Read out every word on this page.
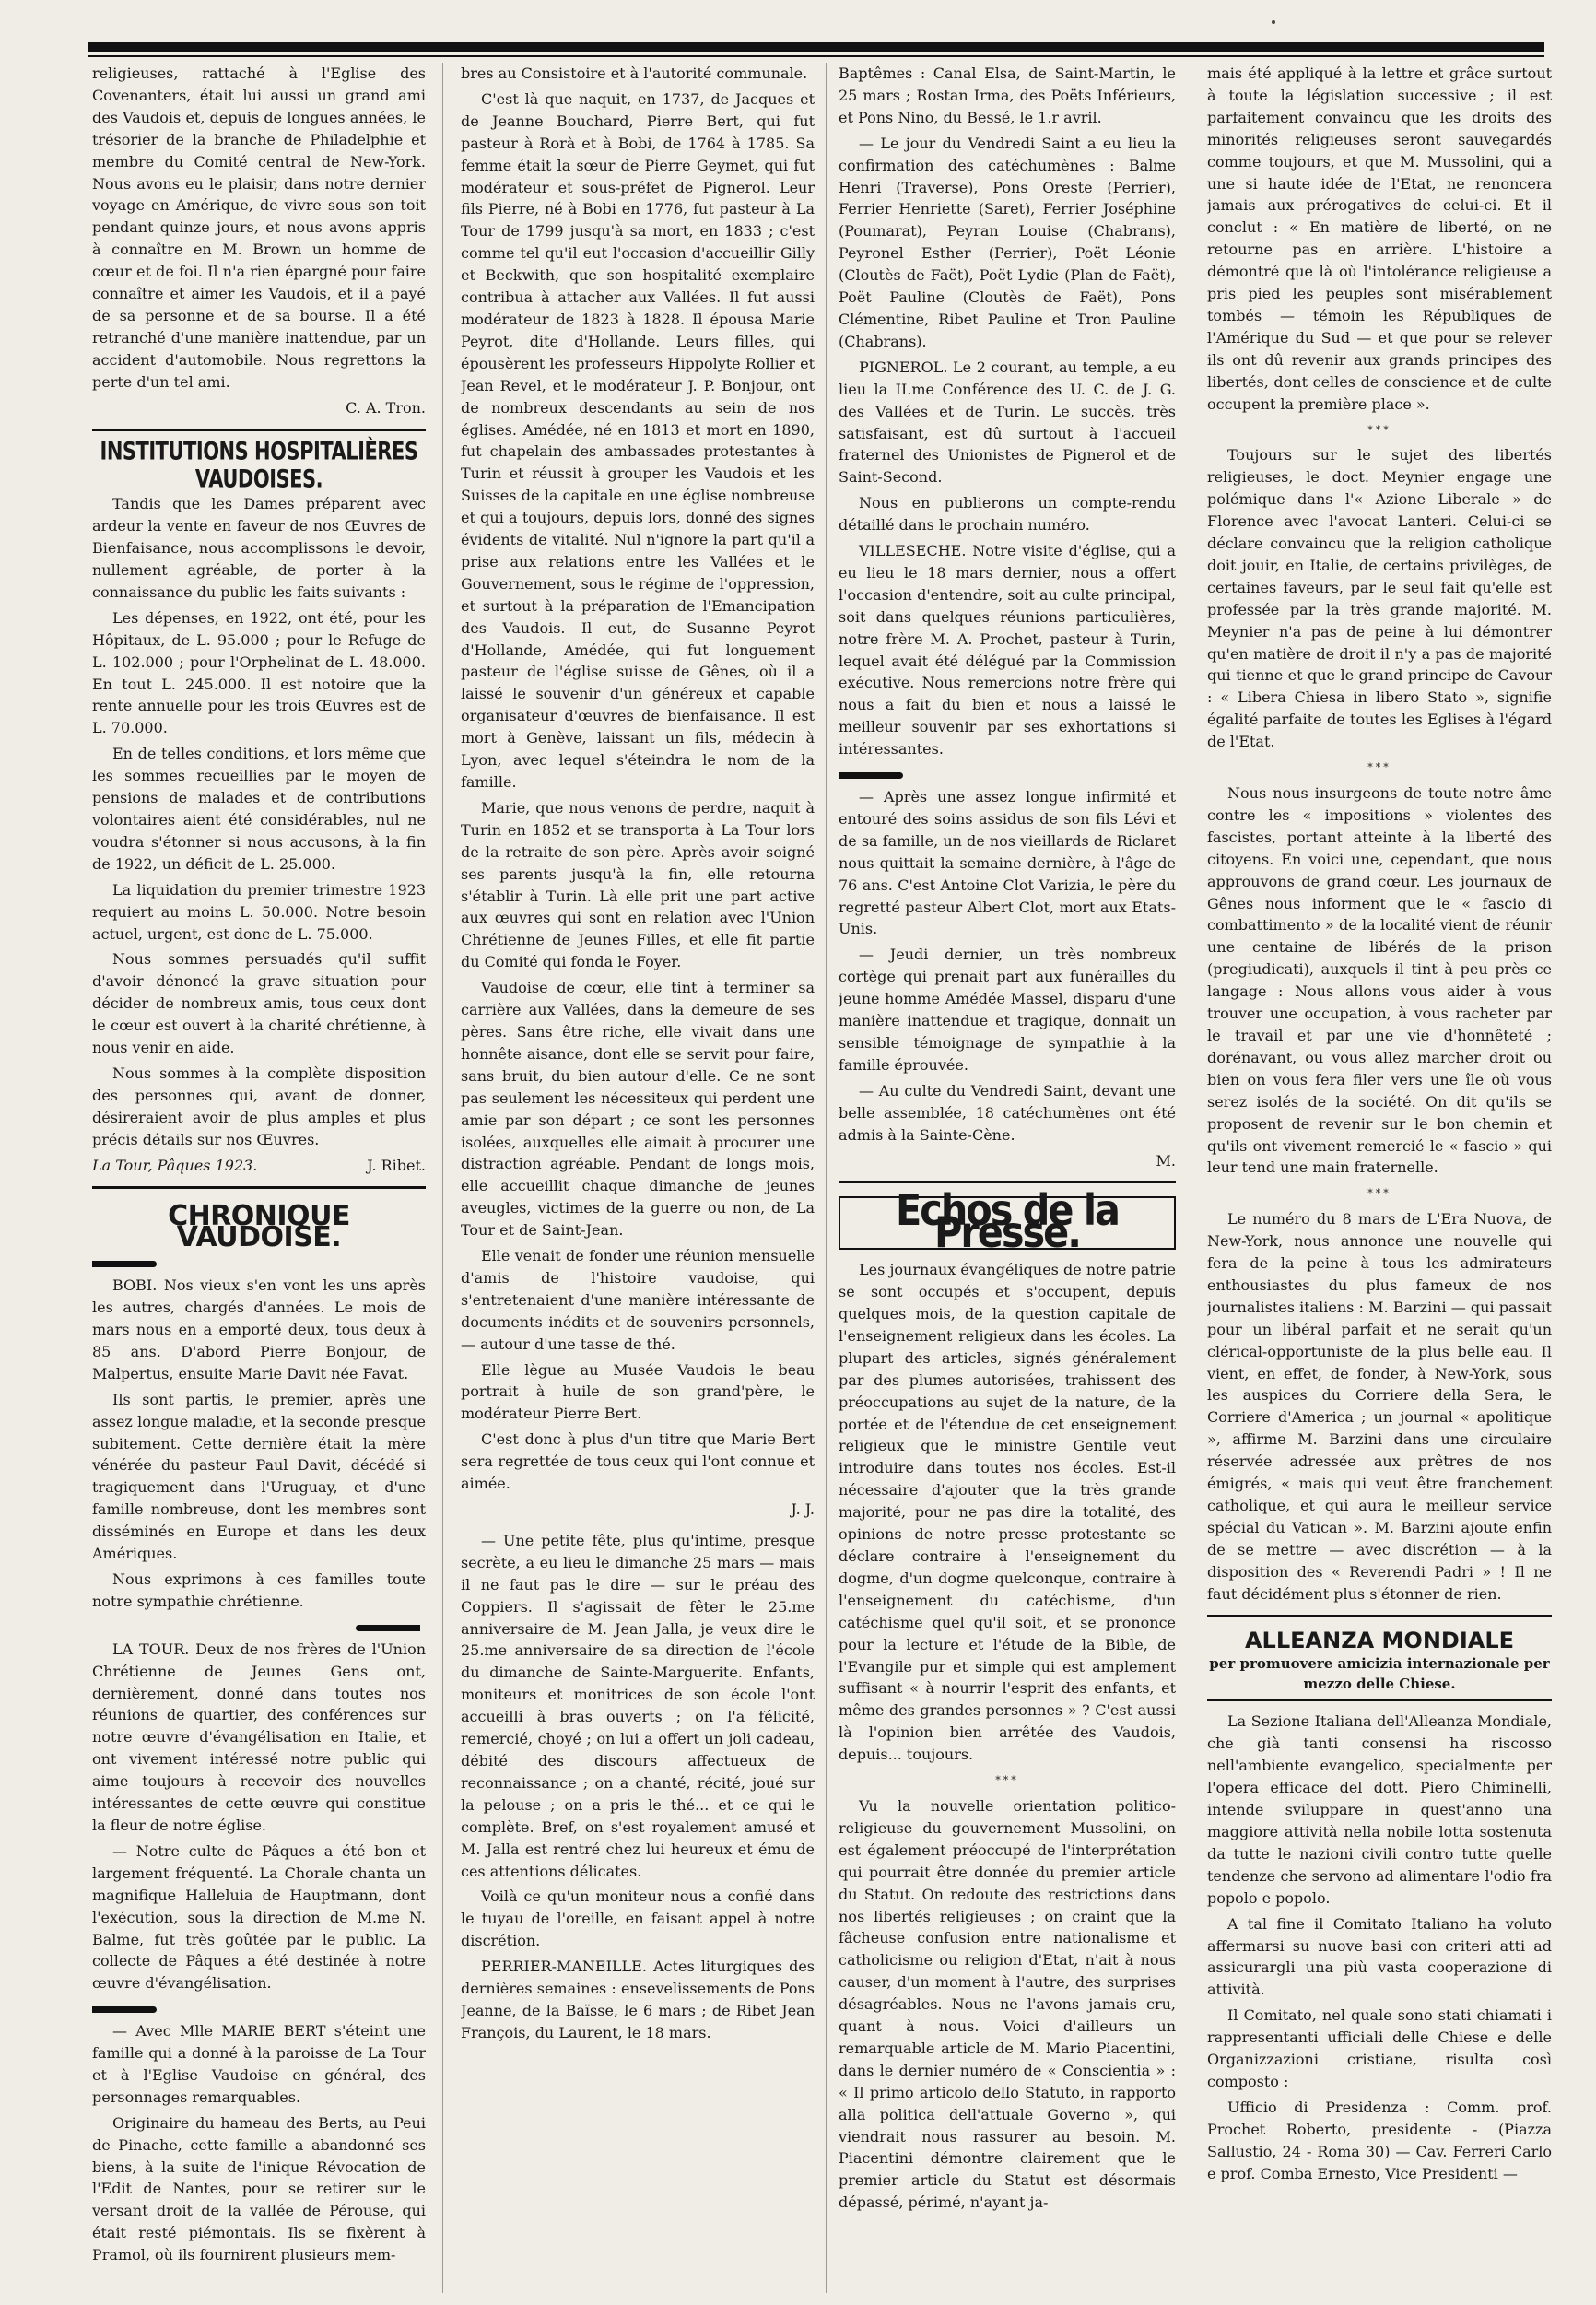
religieuses, rattaché à l'Eglise des Covenanters, était lui aussi un grand ami des Vaudois et, depuis de longues années, le trésorier de la branche de Philadelphie et membre du Comité central de New-York. Nous avons eu le plaisir, dans notre dernier voyage en Amérique, de vivre sous son toit pendant quinze jours, et nous avons appris à connaître en M. Brown un homme de cœur et de foi. Il n'a rien épargné pour faire connaître et aimer les Vaudois, et il a payé de sa personne et de sa bourse. Il a été retranché d'une manière inattendue, par un accident d'automobile. Nous regrettons la perte d'un tel ami.

C. A. Tron.
INSTITUTIONS HOSPITALIÈRES VAUDOISES.

Tandis que les Dames préparent avec ardeur la vente en faveur de nos Œuvres de Bienfaisance, nous accomplissons le devoir, nullement agréable, de porter à la connaissance du public les faits suivants :

Les dépenses, en 1922, ont été, pour les Hôpitaux, de L. 95.000 ; pour le Refuge de L. 102.000 ; pour l'Orphelinat de L. 48.000. En tout L. 245.000. Il est notoire que la rente annuelle pour les trois Œuvres est de L. 70.000.

En de telles conditions, et lors même que les sommes recueillies par le moyen de pensions de malades et de contributions volontaires aient été considérables, nul ne voudra s'étonner si nous accusons, à la fin de 1922, un déficit de L. 25.000.

La liquidation du premier trimestre 1923 requiert au moins L. 50.000. Notre besoin actuel, urgent, est donc de L. 75.000.

Nous sommes persuadés qu'il suffit d'avoir dénoncé la grave situation pour décider de nombreux amis, tous ceux dont le cœur est ouvert à la charité chrétienne, à nous venir en aide.

Nous sommes à la complète disposition des personnes qui, avant de donner, désireraient avoir de plus amples et plus précis détails sur nos Œuvres.

La Tour, Pâques 1923.	J. Ribet.
CHRONIQUE VAUDOISE.

BOBI. Nos vieux s'en vont les uns après les autres, chargés d'années. Le mois de mars nous en a emporté deux, tous deux à 85 ans. D'abord Pierre Bonjour, de Malpertus, ensuite Marie Davit née Favat.

Ils sont partis, le premier, après une assez longue maladie, et la seconde presque subitement. Cette dernière était la mère vénérée du pasteur Paul Davit, décédé si tragiquement dans l'Uruguay, et d'une famille nombreuse, dont les membres sont disséminés en Europe et dans les deux Amériques.

Nous exprimons à ces familles toute notre sympathie chrétienne.

LA TOUR. Deux de nos frères de l'Union Chrétienne de Jeunes Gens ont, dernièrement, donné dans toutes nos réunions de quartier, des conférences sur notre œuvre d'évangélisation en Italie, et ont vivement intéressé notre public qui aime toujours à recevoir des nouvelles intéressantes de cette œuvre qui constitue la fleur de notre église.

— Notre culte de Pâques a été bon et largement fréquenté. La Chorale chanta un magnifique Halleluia de Hauptmann, dont l'exécution, sous la direction de M.me N. Balme, fut très goûtée par le public. La collecte de Pâques a été destinée à notre œuvre d'évangélisation.

— Avec Mlle MARIE BERT s'éteint une famille qui a donné à la paroisse de La Tour et à l'Eglise Vaudoise en général, des personnages remarquables.

Originaire du hameau des Berts, au Peui de Pinache, cette famille a abandonné ses biens, à la suite de l'inique Révocation de l'Edit de Nantes, pour se retirer sur le versant droit de la vallée de Pérouse, qui était resté piémontais. Ils se fixèrent à Pramol, où ils fournirent plusieurs mem-

bres au Consistoire et à l'autorité communale.

C'est là que naquit, en 1737, de Jacques et de Jeanne Bouchard, Pierre Bert, qui fut pasteur à Rorà et à Bobi, de 1764 à 1785. Sa femme était la sœur de Pierre Geymet, qui fut modérateur et sous-préfet de Pignerol. Leur fils Pierre, né à Bobi en 1776, fut pasteur à La Tour de 1799 jusqu'à sa mort, en 1833 ; c'est comme tel qu'il eut l'occasion d'accueillir Gilly et Beckwith, que son hospitalité exemplaire contribua à attacher aux Vallées. Il fut aussi modérateur de 1823 à 1828. Il épousa Marie Peyrot, dite d'Hollande. Leurs filles, qui épousèrent les professeurs Hippolyte Rollier et Jean Revel, et le modérateur J. P. Bonjour, ont de nombreux descendants au sein de nos églises. Amédée, né en 1813 et mort en 1890, fut chapelain des ambassades protestantes à Turin et réussit à grouper les Vaudois et les Suisses de la capitale en une église nombreuse et qui a toujours, depuis lors, donné des signes évidents de vitalité. Nul n'ignore la part qu'il a prise aux relations entre les Vallées et le Gouvernement, sous le régime de l'oppression, et surtout à la préparation de l'Emancipation des Vaudois. Il eut, de Susanne Peyrot d'Hollande, Amédée, qui fut longuement pasteur de l'église suisse de Gênes, où il a laissé le souvenir d'un généreux et capable organisateur d'œuvres de bienfaisance. Il est mort à Genève, laissant un fils, médecin à Lyon, avec lequel s'éteindra le nom de la famille.

Marie, que nous venons de perdre, naquit à Turin en 1852 et se transporta à La Tour lors de la retraite de son père. Après avoir soigné ses parents jusqu'à la fin, elle retourna s'établir à Turin. Là elle prit une part active aux œuvres qui sont en relation avec l'Union Chrétienne de Jeunes Filles, et elle fit partie du Comité qui fonda le Foyer.

Vaudoise de cœur, elle tint à terminer sa carrière aux Vallées, dans la demeure de ses pères. Sans être riche, elle vivait dans une honnête aisance, dont elle se servit pour faire, sans bruit, du bien autour d'elle. Ce ne sont pas seulement les nécessiteux qui perdent une amie par son départ ; ce sont les personnes isolées, auxquelles elle aimait à procurer une distraction agréable. Pendant de longs mois, elle accueillit chaque dimanche de jeunes aveugles, victimes de la guerre ou non, de La Tour et de Saint-Jean.

Elle venait de fonder une réunion mensuelle d'amis de l'histoire vaudoise, qui s'entretenaient d'une manière intéressante de documents inédits et de souvenirs personnels, — autour d'une tasse de thé.

Elle lègue au Musée Vaudois le beau portrait à huile de son grand'père, le modérateur Pierre Bert.

C'est donc à plus d'un titre que Marie Bert sera regrettée de tous ceux qui l'ont connue et aimée.

J. J.

— Une petite fête, plus qu'intime, presque secrète, a eu lieu le dimanche 25 mars — mais il ne faut pas le dire — sur le préau des Coppiers. Il s'agissait de fêter le 25.me anniversaire de M. Jean Jalla, je veux dire le 25.me anniversaire de sa direction de l'école du dimanche de Sainte-Marguerite. Enfants, moniteurs et monitrices de son école l'ont accueilli à bras ouverts ; on l'a félicité, remercié, choyé ; on lui a offert un joli cadeau, débité des discours affectueux de reconnaissance ; on a chanté, récité, joué sur la pelouse ; on a pris le thé... et ce qui le complète. Bref, on s'est royalement amusé et M. Jalla est rentré chez lui heureux et ému de ces attentions délicates.

Voilà ce qu'un moniteur nous a confié dans le tuyau de l'oreille, en faisant appel à notre discrétion.

PERRIER-MANEILLE. Actes liturgiques des dernières semaines : ensevelissements de Pons Jeanne, de la Baïsse, le 6 mars ; de Ribet Jean François, du Laurent, le 18 mars.

Baptêmes : Canal Elsa, de Saint-Martin, le 25 mars ; Rostan Irma, des Poëts Inférieurs, et Pons Nino, du Bessé, le 1.r avril.

— Le jour du Vendredi Saint a eu lieu la confirmation des catéchumènes : Balme Henri (Traverse), Pons Oreste (Perrier), Ferrier Henriette (Saret), Ferrier Joséphine (Poumarat), Peyran Louise (Chabrans), Peyronel Esther (Perrier), Poët Léonie (Cloutès de Faët), Poët Lydie (Plan de Faët), Poët Pauline (Cloutès de Faët), Pons Clémentine, Ribet Pauline et Tron Pauline (Chabrans).

PIGNEROL. Le 2 courant, au temple, a eu lieu la II.me Conférence des U. C. de J. G. des Vallées et de Turin. Le succès, très satisfaisant, est dû surtout à l'accueil fraternel des Unionistes de Pignerol et de Saint-Second.

Nous en publierons un compte-rendu détaillé dans le prochain numéro.

VILLESECHE. Notre visite d'église, qui a eu lieu le 18 mars dernier, nous a offert l'occasion d'entendre, soit au culte principal, soit dans quelques réunions particulières, notre frère M. A. Prochet, pasteur à Turin, lequel avait été délégué par la Commission exécutive. Nous remercions notre frère qui nous a fait du bien et nous a laissé le meilleur souvenir par ses exhortations si intéressantes.

— Après une assez longue infirmité et entouré des soins assidus de son fils Lévi et de sa famille, un de nos vieillards de Riclaret nous quittait la semaine dernière, à l'âge de 76 ans. C'est Antoine Clot Varizia, le père du regretté pasteur Albert Clot, mort aux Etats-Unis.

— Jeudi dernier, un très nombreux cortège qui prenait part aux funérailles du jeune homme Amédée Massel, disparu d'une manière inattendue et tragique, donnait un sensible témoignage de sympathie à la famille éprouvée.

— Au culte du Vendredi Saint, devant une belle assemblée, 18 catéchumènes ont été admis à la Sainte-Cène.

M.
Echos de la Presse.

Les journaux évangéliques de notre patrie se sont occupés et s'occupent, depuis quelques mois, de la question capitale de l'enseignement religieux dans les écoles. La plupart des articles, signés généralement par des plumes autorisées, trahissent des préoccupations au sujet de la nature, de la portée et de l'étendue de cet enseignement religieux que le ministre Gentile veut introduire dans toutes nos écoles. Est-il nécessaire d'ajouter que la très grande majorité, pour ne pas dire la totalité, des opinions de notre presse protestante se déclare contraire à l'enseignement du dogme, d'un dogme quelconque, contraire à l'enseignement du catéchisme, d'un catéchisme quel qu'il soit, et se prononce pour la lecture et l'étude de la Bible, de l'Evangile pur et simple qui est amplement suffisant « à nourrir l'esprit des enfants, et même des grandes personnes » ? C'est aussi là l'opinion bien arrêtée des Vaudois, depuis... toujours.

***

Vu la nouvelle orientation politico-religieuse du gouvernement Mussolini, on est également préoccupé de l'interprétation qui pourrait être donnée du premier article du Statut. On redoute des restrictions dans nos libertés religieuses ; on craint que la fâcheuse confusion entre nationalisme et catholicisme ou religion d'Etat, n'ait à nous causer, d'un moment à l'autre, des surprises désagréables. Nous ne l'avons jamais cru, quant à nous. Voici d'ailleurs un remarquable article de M. Mario Piacentini, dans le dernier numéro de « Conscientia » : « Il primo articolo dello Statuto, in rapporto alla politica dell'attuale Governo », qui viendrait nous rassurer au besoin. M. Piacentini démontre clairement que le premier article du Statut est désormais dépassé, périmé, n'ayant ja-

mais été appliqué à la lettre et grâce surtout à toute la législation successive ; il est parfaitement convaincu que les droits des minorités religieuses seront sauvegardés comme toujours, et que M. Mussolini, qui a une si haute idée de l'Etat, ne renoncera jamais aux prérogatives de celui-ci. Et il conclut : « En matière de liberté, on ne retourne pas en arrière. L'histoire a démontré que là où l'intolérance religieuse a pris pied les peuples sont misérablement tombés — témoin les Républiques de l'Amérique du Sud — et que pour se relever ils ont dû revenir aux grands principes des libertés, dont celles de conscience et de culte occupent la première place ».

***

Toujours sur le sujet des libertés religieuses, le doct. Meynier engage une polémique dans l'« Azione Liberale » de Florence avec l'avocat Lanteri. Celui-ci se déclare convaincu que la religion catholique doit jouir, en Italie, de certains privilèges, de certaines faveurs, par le seul fait qu'elle est professée par la très grande majorité. M. Meynier n'a pas de peine à lui démontrer qu'en matière de droit il n'y a pas de majorité qui tienne et que le grand principe de Cavour : « Libera Chiesa in libero Stato », signifie égalité parfaite de toutes les Eglises à l'égard de l'Etat.

***

Nous nous insurgeons de toute notre âme contre les « impositions » violentes des fascistes, portant atteinte à la liberté des citoyens. En voici une, cependant, que nous approuvons de grand cœur. Les journaux de Gênes nous informent que le « fascio di combattimento » de la localité vient de réunir une centaine de libérés de la prison (pregiudicati), auxquels il tint à peu près ce langage : Nous allons vous aider à vous trouver une occupation, à vous racheter par le travail et par une vie d'honnêteté ; dorénavant, ou vous allez marcher droit ou bien on vous fera filer vers une île où vous serez isolés de la société. On dit qu'ils se proposent de revenir sur le bon chemin et qu'ils ont vivement remercié le « fascio » qui leur tend une main fraternelle.

***

Le numéro du 8 mars de L'Era Nuova, de New-York, nous annonce une nouvelle qui fera de la peine à tous les admirateurs enthousiastes du plus fameux de nos journalistes italiens : M. Barzini — qui passait pour un libéral parfait et ne serait qu'un clérical-opportuniste de la plus belle eau. Il vient, en effet, de fonder, à New-York, sous les auspices du Corriere della Sera, le Corriere d'America ; un journal « apolitique », affirme M. Barzini dans une circulaire réservée adressée aux prêtres de nos émigrés, « mais qui veut être franchement catholique, et qui aura le meilleur service spécial du Vatican ». M. Barzini ajoute enfin de se mettre — avec discrétion — à la disposition des « Reverendi Padri » ! Il ne faut décidément plus s'étonner de rien.

ALLEANZA MONDIALE
per promuovere amicizia internazionale per mezzo delle Chiese.

La Sezione Italiana dell'Alleanza Mondiale, che già tanti consensi ha riscosso nell'ambiente evangelico, specialmente per l'opera efficace del dott. Piero Chiminelli, intende sviluppare in quest'anno una maggiore attività nella nobile lotta sostenuta da tutte le nazioni civili contro tutte quelle tendenze che servono ad alimentare l'odio fra popolo e popolo.

A tal fine il Comitato Italiano ha voluto affermarsi su nuove basi con criteri atti ad assicurargli una più vasta cooperazione di attività.

Il Comitato, nel quale sono stati chiamati i rappresentanti ufficiali delle Chiese e delle Organizzazioni cristiane, risulta così composto :

Ufficio di Presidenza : Comm. prof. Prochet Roberto, presidente - (Piazza Sallustio, 24 - Roma 30) — Cav. Ferreri Carlo e prof. Comba Ernesto, Vice Presidenti —
